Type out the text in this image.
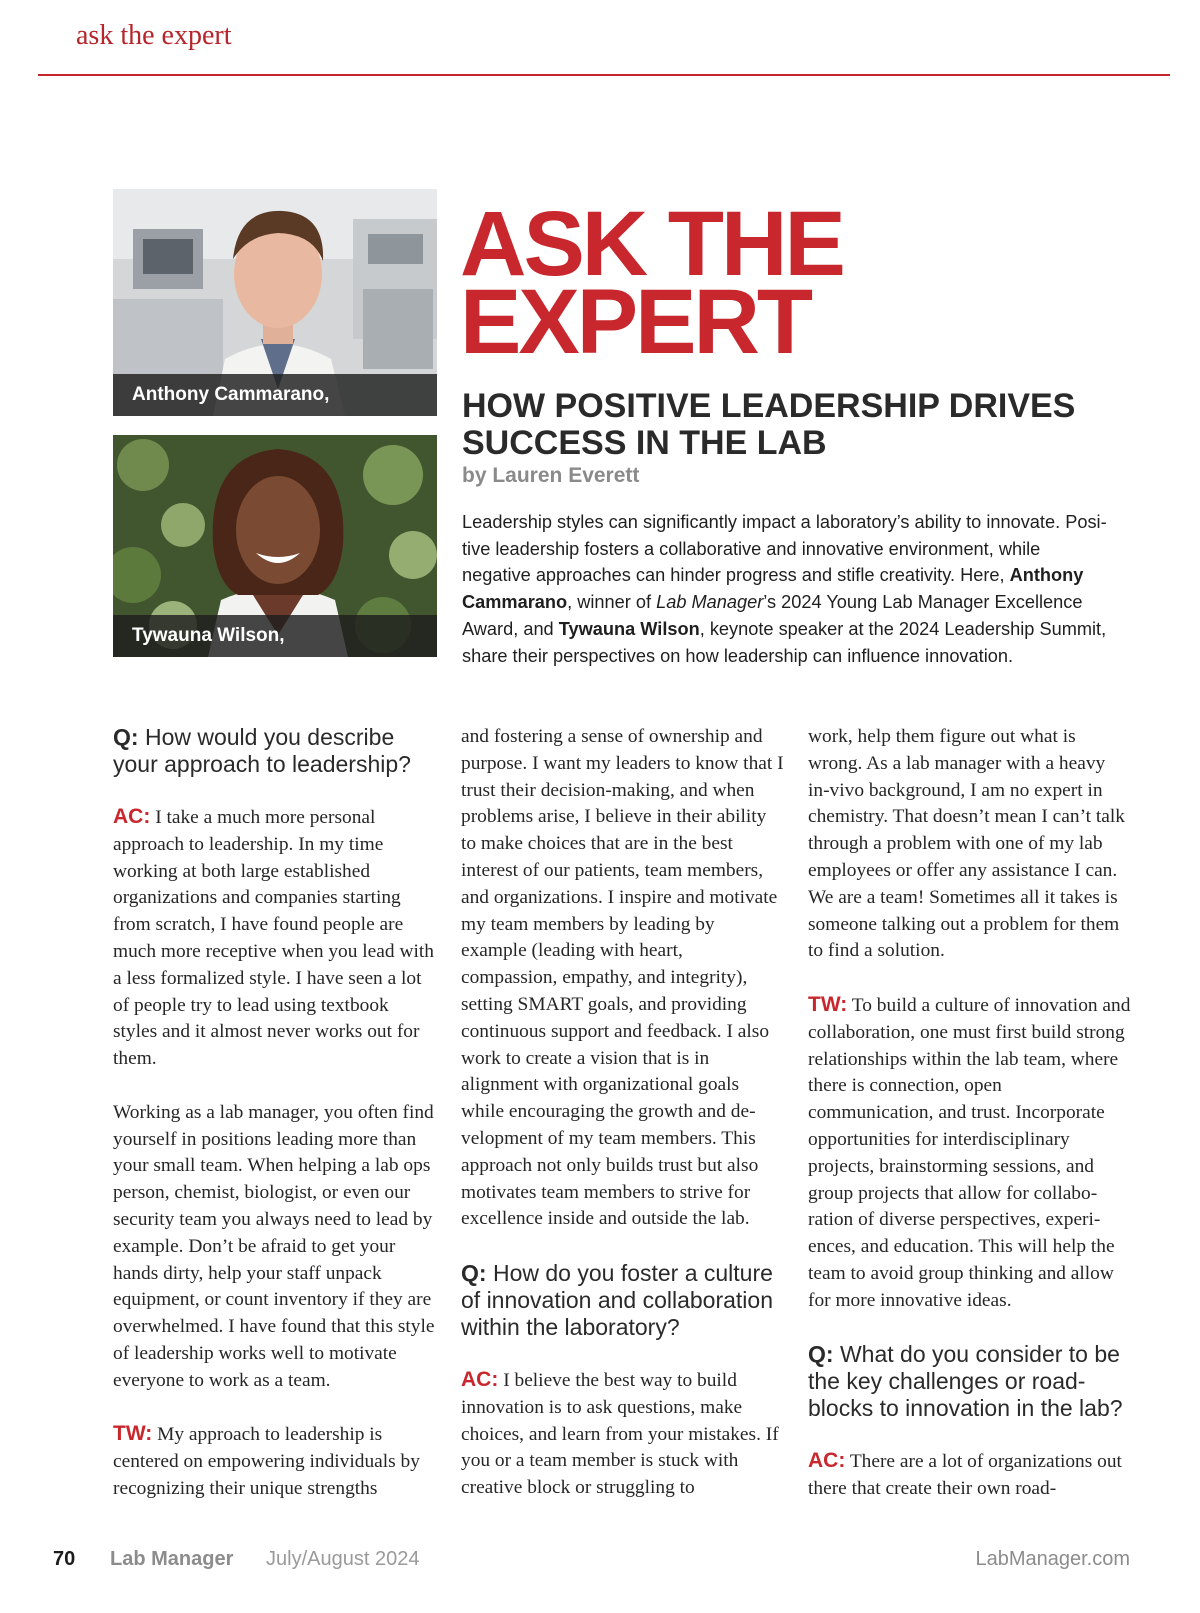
ask the expert
Anthony Cammarano,
Tywauna Wilson,
ASK THE
EXPERT
HOW POSITIVE LEADERSHIP DRIVES
SUCCESS IN THE LAB
by Lauren Everett

Leadership styles can significantly impact a laboratory’s ability to innovate. Posi- tive leadership fosters a collaborative and innovative environment, while negative approaches can hinder progress and stifle creativity. Here, Anthony Cammarano, winner of Lab Manager’s 2024 Young Lab Manager Excellence Award, and Tywauna Wilson, keynote speaker at the 2024 Leadership Summit, share their perspectives on how leadership can influence innovation.

Q: How would you describe your approach to leadership?

AC: I take a much more personal approach to leadership. In my time working at both large established organizations and companies starting from scratch, I have found people are much more receptive when you lead with a less formalized style. I have seen a lot of people try to lead using textbook styles and it almost never works out for them.

Working as a lab manager, you often find yourself in positions leading more than your small team. When helping a lab ops person, chemist, biologist, or even our security team you always need to lead by example. Don’t be afraid to get your hands dirty, help your staff unpack equipment, or count inventory if they are overwhelmed. I have found that this style of leadership works well to motivate everyone to work as a team.

TW: My approach to leadership is centered on empowering individuals by recognizing their unique strengths

and fostering a sense of ownership and purpose. I want my leaders to know that I trust their decision-making, and when problems arise, I believe in their ability to make choices that are in the best interest of our patients, team members, and organizations. I inspire and motivate my team members by leading by example (leading with heart, compassion, empathy, and integrity), setting SMART goals, and providing continuous support and feedback. I also work to create a vision that is in alignment with organizational goals while encouraging the growth and de- velopment of my team members. This approach not only builds trust but also motivates team members to strive for excellence inside and outside the lab.

Q: How do you foster a culture of innovation and collaboration within the laboratory?

AC: I believe the best way to build innovation is to ask questions, make choices, and learn from your mistakes. If you or a team member is stuck with creative block or struggling to

work, help them figure out what is wrong. As a lab manager with a heavy in-vivo background, I am no expert in chemistry. That doesn’t mean I can’t talk through a problem with one of my lab employees or offer any assistance I can. We are a team! Sometimes all it takes is someone talking out a problem for them to find a solution.

TW: To build a culture of innovation and collaboration, one must first build strong relationships within the lab team, where there is connection, open communication, and trust. Incorporate opportunities for interdisciplinary projects, brainstorming sessions, and group projects that allow for collabo- ration of diverse perspectives, experi- ences, and education. This will help the team to avoid group thinking and allow for more innovative ideas.

Q: What do you consider to be the key challenges or road- blocks to innovation in the lab?

AC: There are a lot of organizations out there that create their own road-

70 Lab Manager July/August 2024	LabManager.com
